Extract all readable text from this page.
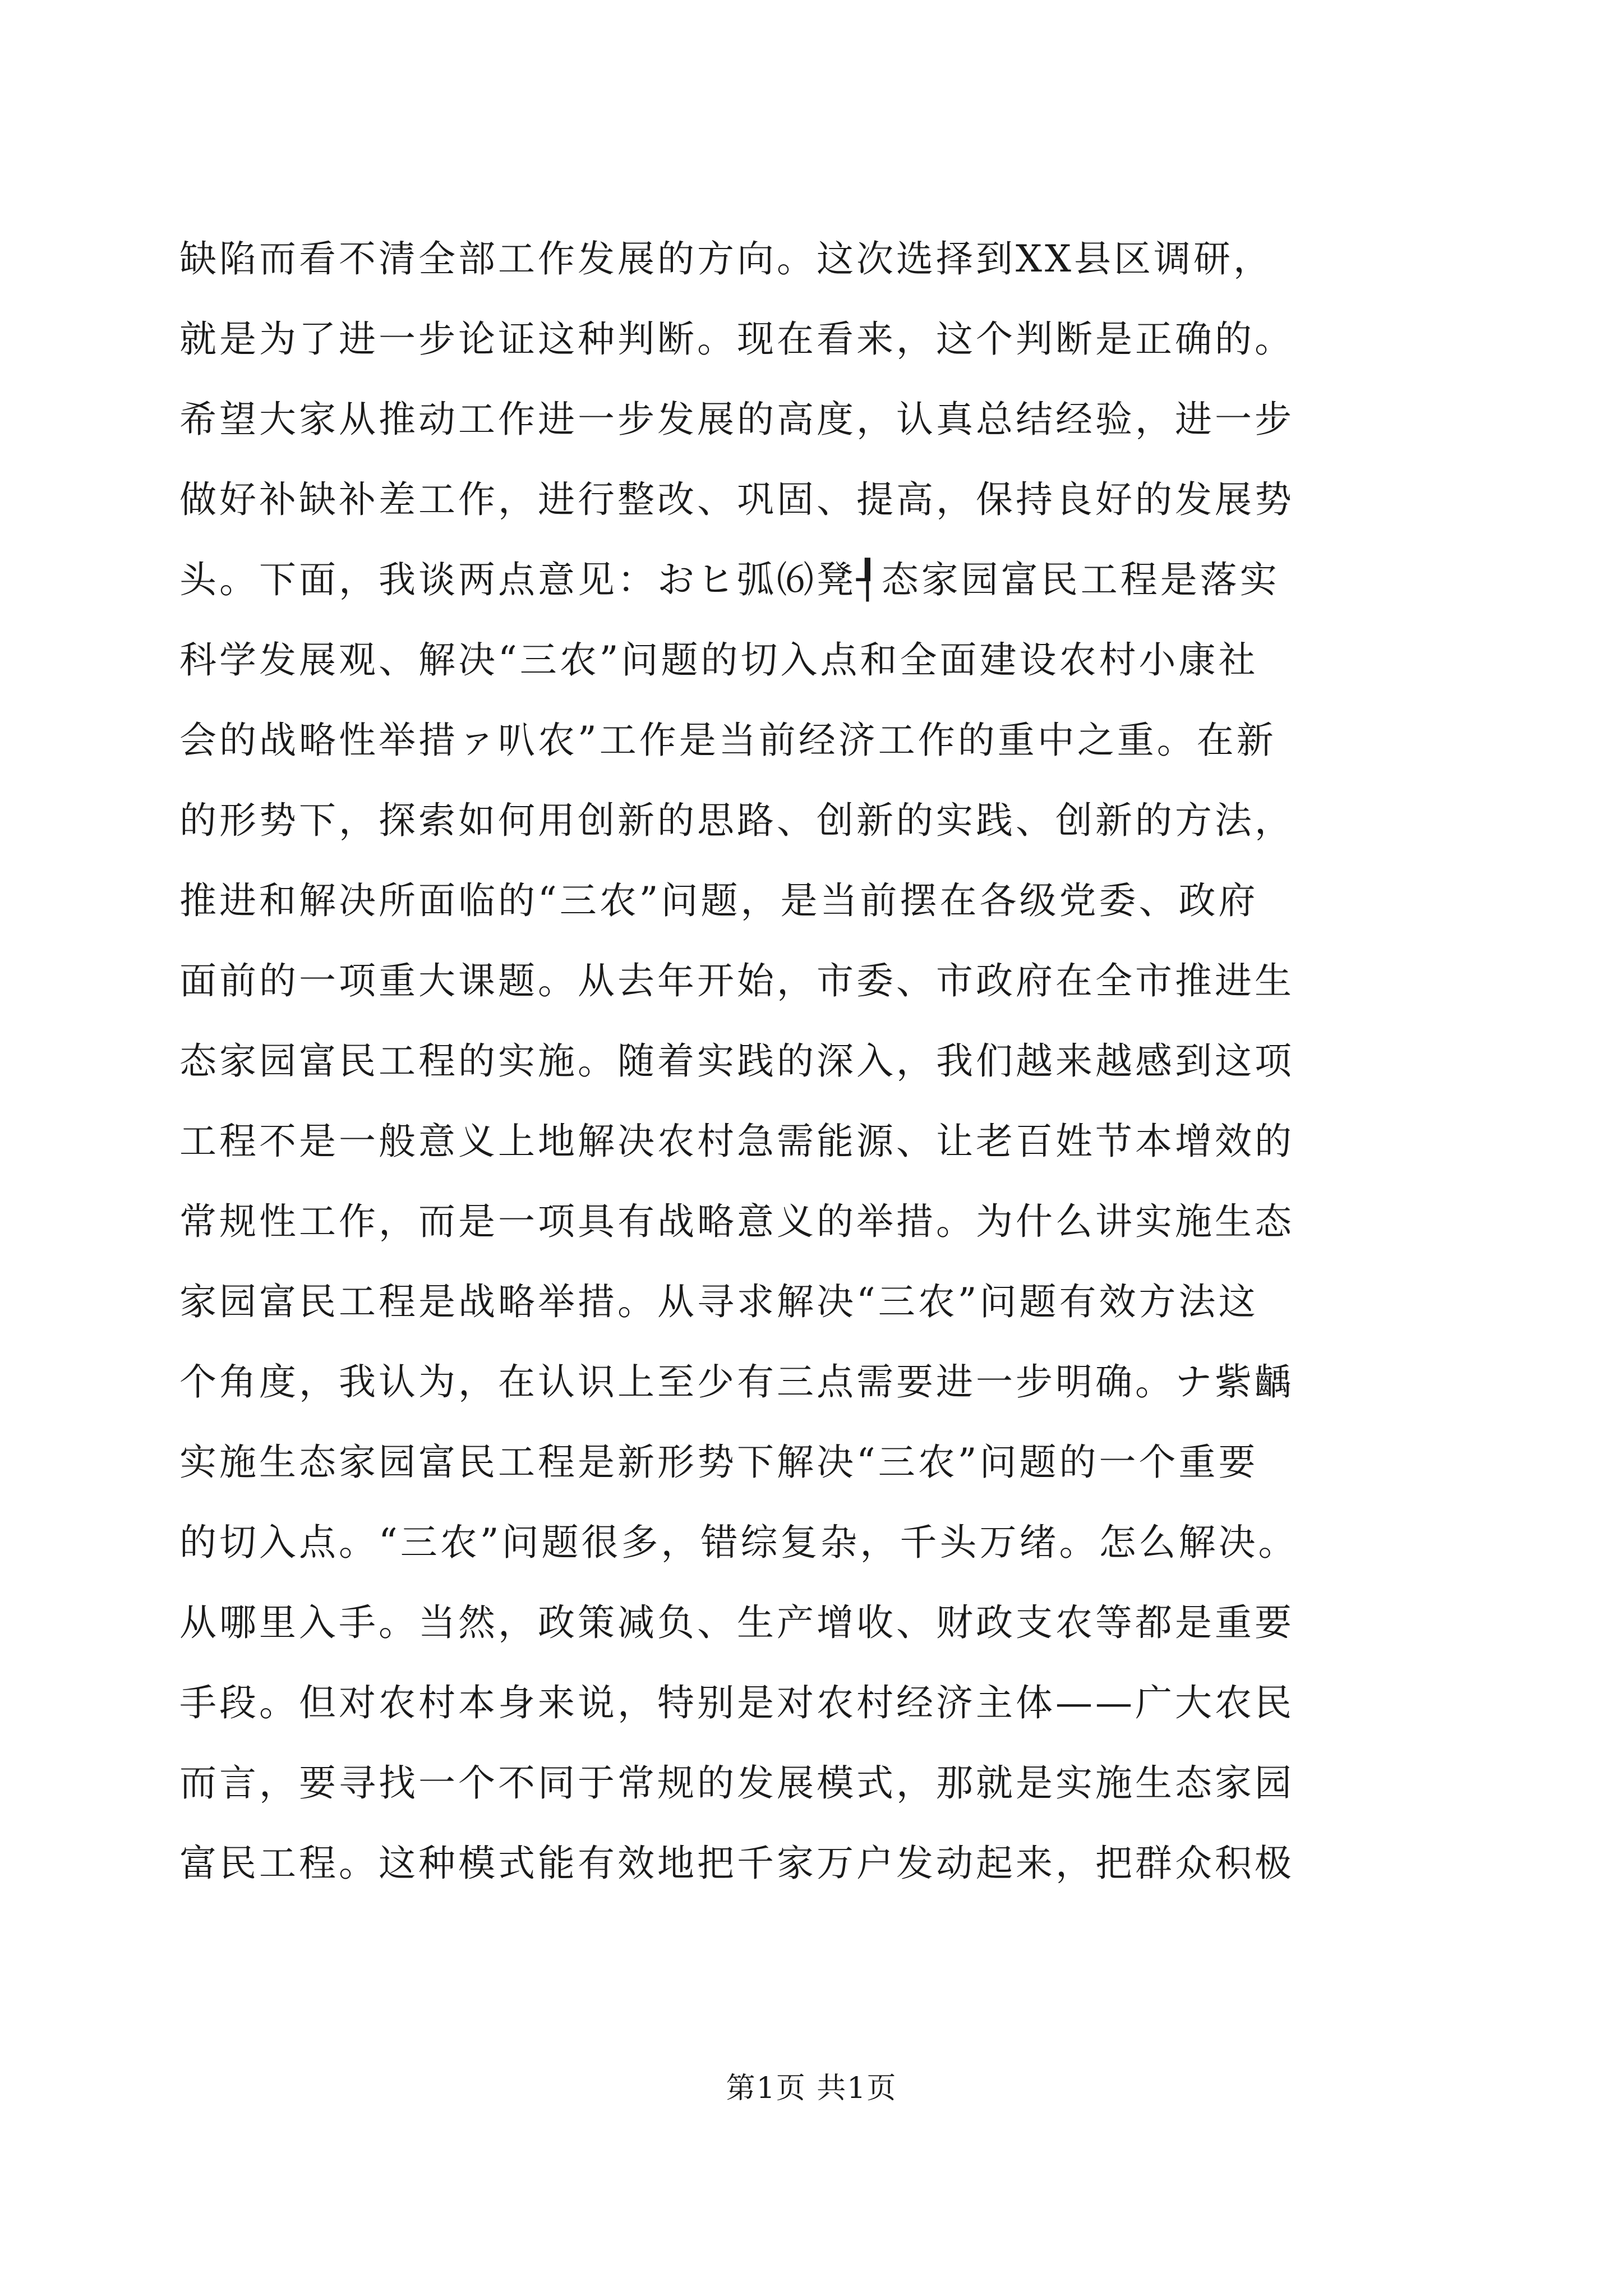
缺陷而看不清全部工作发展的方向。这次选择到XX县区调研，
就是为了进一步论证这种判断。现在看来，这个判断是正确的。
希望大家从推动工作进一步发展的高度，认真总结经验，进一步
做好补缺补差工作，进行整改、巩固、提高，保持良好的发展势
头。下面，我谈两点意见：おヒ弧⑹凳┦态家园富民工程是落实
科学发展观、解决“三农”问题的切入点和全面建设农村小康社
会的战略性举措ァ叭农”工作是当前经济工作的重中之重。在新
的形势下，探索如何用创新的思路、创新的实践、创新的方法，
推进和解决所面临的“三农”问题，是当前摆在各级党委、政府
面前的一项重大课题。从去年开始，市委、市政府在全市推进生
态家园富民工程的实施。随着实践的深入，我们越来越感到这项
工程不是一般意义上地解决农村急需能源、让老百姓节本增效的
常规性工作，而是一项具有战略意义的举措。为什么讲实施生态
家园富民工程是战略举措。从寻求解决“三农”问题有效方法这
个角度，我认为，在认识上至少有三点需要进一步明确。ナ紫齲
实施生态家园富民工程是新形势下解决“三农”问题的一个重要
的切入点。“三农”问题很多，错综复杂，千头万绪。怎么解决。
从哪里入手。当然，政策减负、生产增收、财政支农等都是重要
手段。但对农村本身来说，特别是对农村经济主体——广大农民
而言，要寻找一个不同于常规的发展模式，那就是实施生态家园
富民工程。这种模式能有效地把千家万户发动起来，把群众积极
第1页 共1页
